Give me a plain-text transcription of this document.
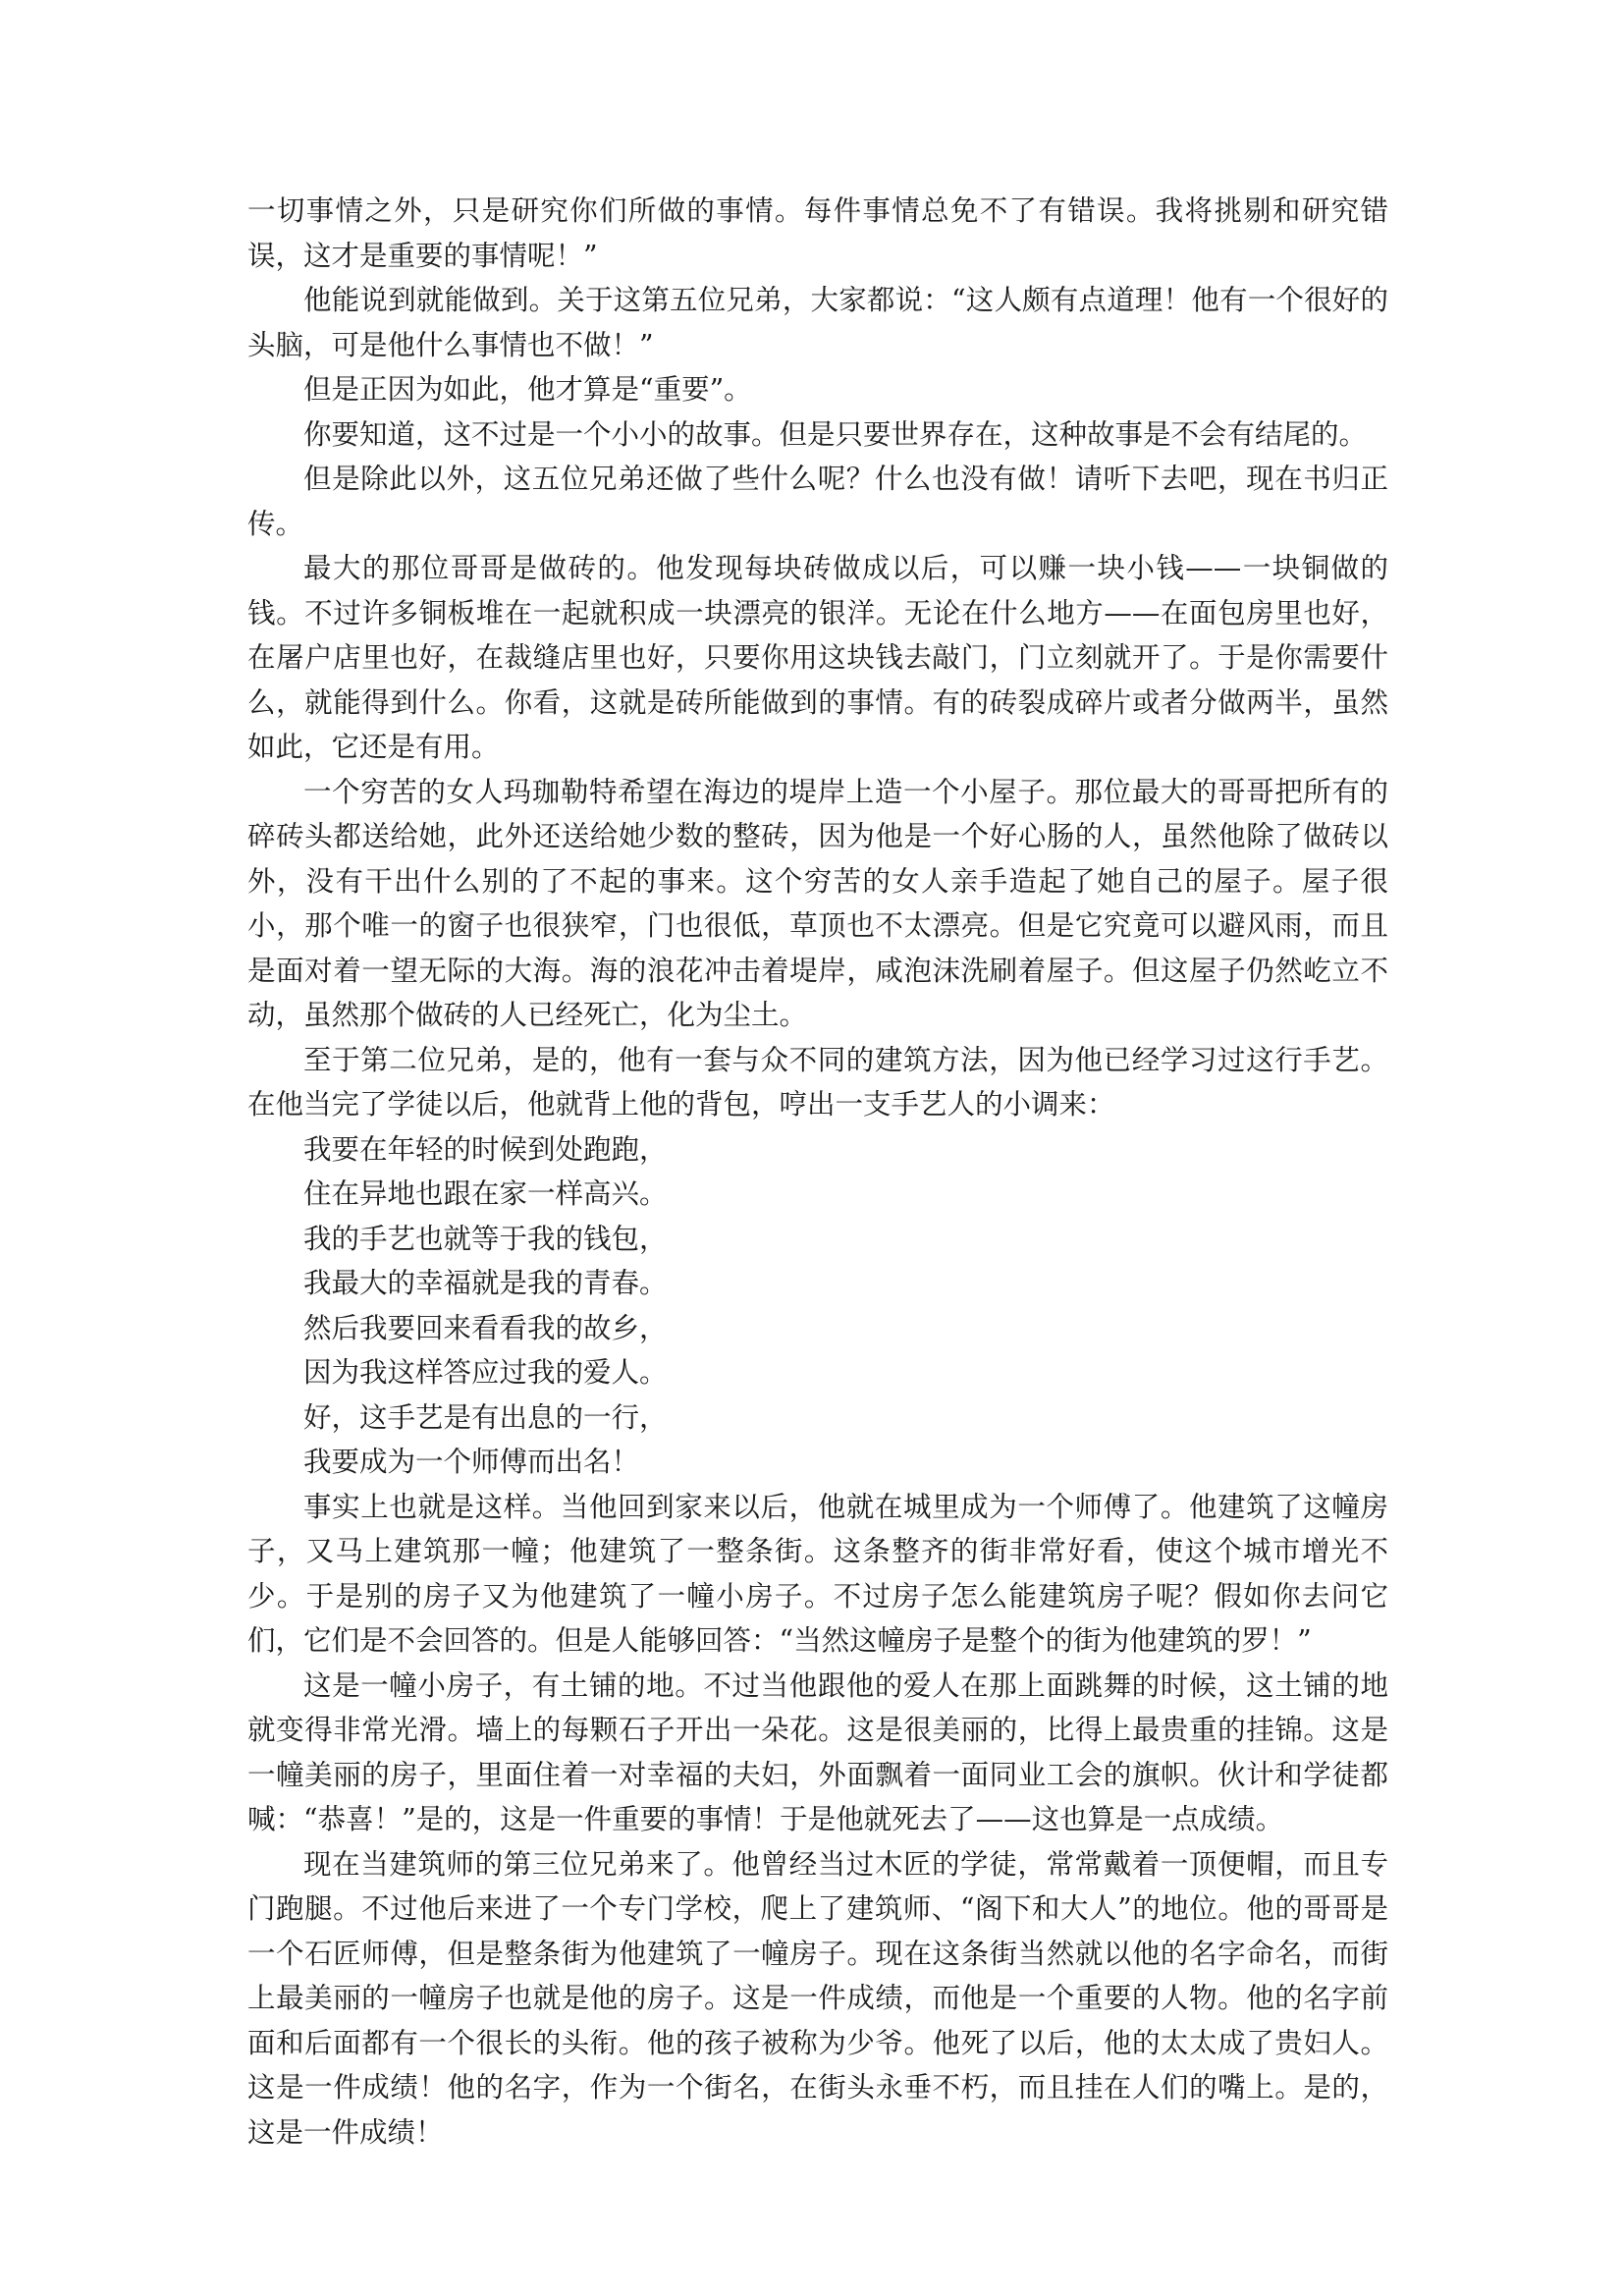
一切事情之外，只是研究你们所做的事情。每件事情总免不了有错误。我将挑剔和研究错误，这才是重要的事情呢！”

他能说到就能做到。关于这第五位兄弟，大家都说：“这人颇有点道理！他有一个很好的头脑，可是他什么事情也不做！”

但是正因为如此，他才算是“重要”。

你要知道，这不过是一个小小的故事。但是只要世界存在，这种故事是不会有结尾的。

但是除此以外，这五位兄弟还做了些什么呢？什么也没有做！请听下去吧，现在书归正传。

最大的那位哥哥是做砖的。他发现每块砖做成以后，可以赚一块小钱——一块铜做的钱。不过许多铜板堆在一起就积成一块漂亮的银洋。无论在什么地方——在面包房里也好，在屠户店里也好，在裁缝店里也好，只要你用这块钱去敲门，门立刻就开了。于是你需要什么，就能得到什么。你看，这就是砖所能做到的事情。有的砖裂成碎片或者分做两半，虽然如此，它还是有用。

一个穷苦的女人玛珈勒特希望在海边的堤岸上造一个小屋子。那位最大的哥哥把所有的碎砖头都送给她，此外还送给她少数的整砖，因为他是一个好心肠的人，虽然他除了做砖以外，没有干出什么别的了不起的事来。这个穷苦的女人亲手造起了她自己的屋子。屋子很小，那个唯一的窗子也很狭窄，门也很低，草顶也不太漂亮。但是它究竟可以避风雨，而且是面对着一望无际的大海。海的浪花冲击着堤岸，咸泡沫洗刷着屋子。但这屋子仍然屹立不动，虽然那个做砖的人已经死亡，化为尘土。

至于第二位兄弟，是的，他有一套与众不同的建筑方法，因为他已经学习过这行手艺。在他当完了学徒以后，他就背上他的背包，哼出一支手艺人的小调来：

我要在年轻的时候到处跑跑，

住在异地也跟在家一样高兴。

我的手艺也就等于我的钱包，

我最大的幸福就是我的青春。

然后我要回来看看我的故乡，

因为我这样答应过我的爱人。

好，这手艺是有出息的一行，

我要成为一个师傅而出名！

事实上也就是这样。当他回到家来以后，他就在城里成为一个师傅了。他建筑了这幢房子，又马上建筑那一幢；他建筑了一整条街。这条整齐的街非常好看，使这个城市增光不少。于是别的房子又为他建筑了一幢小房子。不过房子怎么能建筑房子呢？假如你去问它们，它们是不会回答的。但是人能够回答：“当然这幢房子是整个的街为他建筑的罗！”

这是一幢小房子，有土铺的地。不过当他跟他的爱人在那上面跳舞的时候，这土铺的地就变得非常光滑。墙上的每颗石子开出一朵花。这是很美丽的，比得上最贵重的挂锦。这是一幢美丽的房子，里面住着一对幸福的夫妇，外面飘着一面同业工会的旗帜。伙计和学徒都喊：“恭喜！”是的，这是一件重要的事情！于是他就死去了——这也算是一点成绩。

现在当建筑师的第三位兄弟来了。他曾经当过木匠的学徒，常常戴着一顶便帽，而且专门跑腿。不过他后来进了一个专门学校，爬上了建筑师、“阁下和大人”的地位。他的哥哥是一个石匠师傅，但是整条街为他建筑了一幢房子。现在这条街当然就以他的名字命名，而街上最美丽的一幢房子也就是他的房子。这是一件成绩，而他是一个重要的人物。他的名字前面和后面都有一个很长的头衔。他的孩子被称为少爷。他死了以后，他的太太成了贵妇人。这是一件成绩！他的名字，作为一个街名，在街头永垂不朽，而且挂在人们的嘴上。是的，这是一件成绩！
